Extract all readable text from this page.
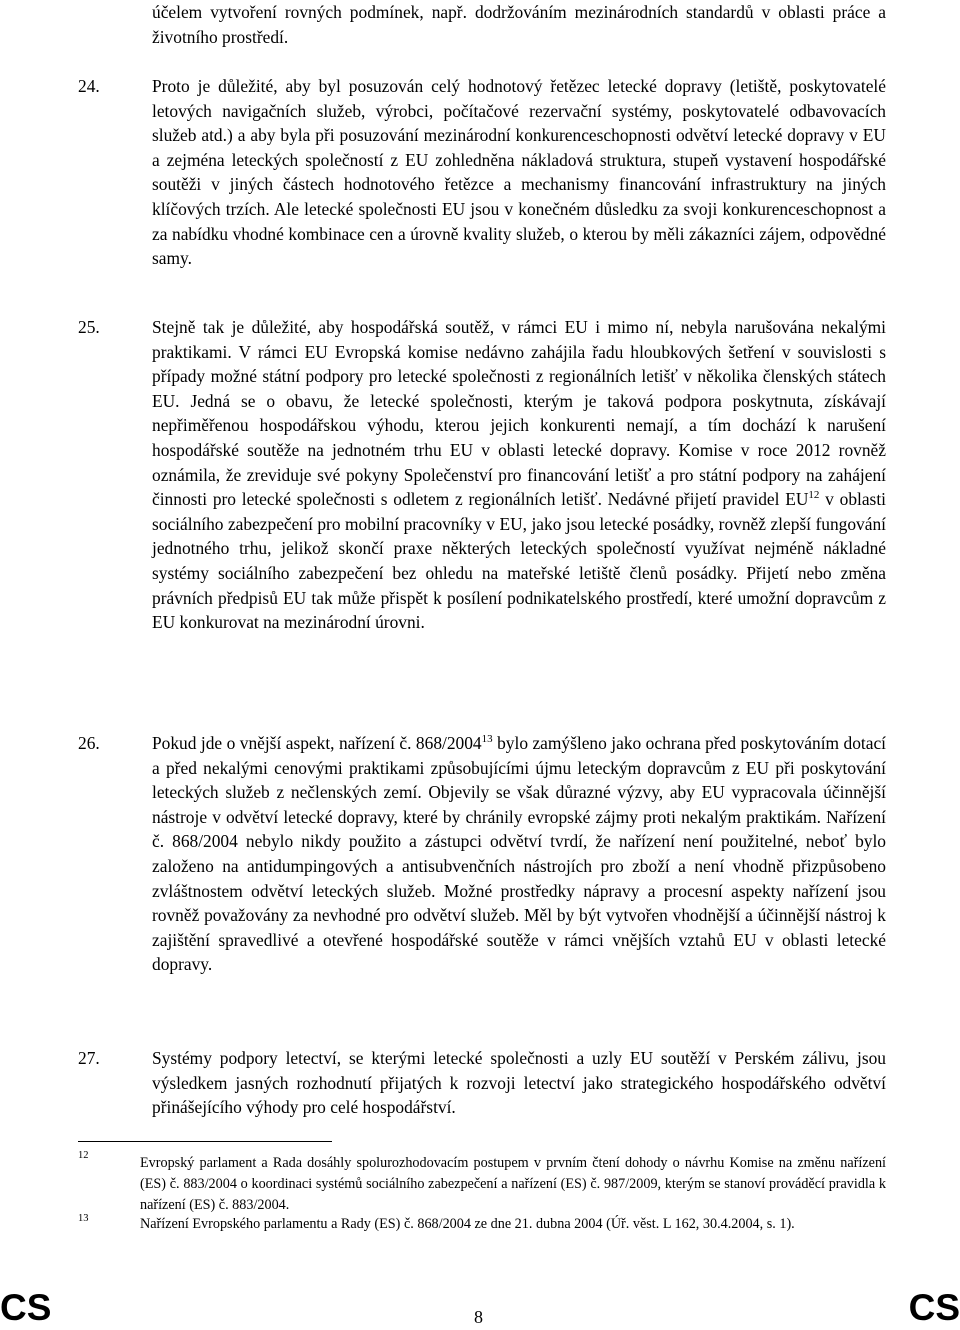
účelem vytvoření rovných podmínek, např. dodržováním mezinárodních standardů v oblasti práce a životního prostředí.

24.	Proto je důležité, aby byl posuzován celý hodnotový řetězec letecké dopravy (letiště, poskytovatelé letových navigačních služeb, výrobci, počítačové rezervační systémy, poskytovatelé odbavovacích služeb atd.) a aby byla při posuzování mezinárodní konkurenceschopnosti odvětví letecké dopravy v EU a zejména leteckých společností z EU zohledněna nákladová struktura, stupeň vystavení hospodářské soutěži v jiných částech hodnotového řetězce a mechanismy financování infrastruktury na jiných klíčových trzích. Ale letecké společnosti EU jsou v konečném důsledku za svoji konkurenceschopnost a za nabídku vhodné kombinace cen a úrovně kvality služeb, o kterou by měli zákazníci zájem, odpovědné samy.

25.	Stejně tak je důležité, aby hospodářská soutěž, v rámci EU i mimo ní, nebyla narušována nekalými praktikami. V rámci EU Evropská komise nedávno zahájila řadu hloubkových šetření v souvislosti s případy možné státní podpory pro letecké společnosti z regionálních letišť v několika členských státech EU. Jedná se o obavu, že letecké společnosti, kterým je taková podpora poskytnuta, získávají nepřiměřenou hospodářskou výhodu, kterou jejich konkurenti nemají, a tím dochází k narušení hospodářské soutěže na jednotném trhu EU v oblasti letecké dopravy. Komise v roce 2012 rovněž oznámila, že zreviduje své pokyny Společenství pro financování letišť a pro státní podpory na zahájení činnosti pro letecké společnosti s odletem z regionálních letišť. Nedávné přijetí pravidel EU$^{12}$ v oblasti sociálního zabezpečení pro mobilní pracovníky v EU, jako jsou letecké posádky, rovněž zlepší fungování jednotného trhu, jelikož skončí praxe některých leteckých společností využívat nejméně nákladné systémy sociálního zabezpečení bez ohledu na mateřské letiště členů posádky. Přijetí nebo změna právních předpisů EU tak může přispět k posílení podnikatelského prostředí, které umožní dopravcům z EU konkurovat na mezinárodní úrovni.

26.	Pokud jde o vnější aspekt, nařízení č. 868/2004$^{13}$ bylo zamýšleno jako ochrana před poskytováním dotací a před nekalými cenovými praktikami způsobujícími újmu leteckým dopravcům z EU při poskytování leteckých služeb z nečlenských zemí. Objevily se však důrazné výzvy, aby EU vypracovala účinnější nástroje v odvětví letecké dopravy, které by chránily evropské zájmy proti nekalým praktikám. Nařízení č. 868/2004 nebylo nikdy použito a zástupci odvětví tvrdí, že nařízení není použitelné, neboť bylo založeno na antidumpingových a antisubvenčních nástrojích pro zboží a není vhodně přizpůsobeno zvláštnostem odvětví leteckých služeb. Možné prostředky nápravy a procesní aspekty nařízení jsou rovněž považovány za nevhodné pro odvětví služeb. Měl by být vytvořen vhodnější a účinnější nástroj k zajištění spravedlivé a otevřené hospodářské soutěže v rámci vnějších vztahů EU v oblasti letecké dopravy.

27.	Systémy podpory letectví, se kterými letecké společnosti a uzly EU soutěží v Perském zálivu, jsou výsledkem jasných rozhodnutí přijatých k rozvoji letectví jako strategického hospodářského odvětví přinášejícího výhody pro celé hospodářství.

12	Evropský parlament a Rada dosáhly spolurozhodovacím postupem v prvním čtení dohody o návrhu Komise na změnu nařízení (ES) č. 883/2004 o koordinaci systémů sociálního zabezpečení a nařízení (ES) č. 987/2009, kterým se stanoví prováděcí pravidla k nařízení (ES) č. 883/2004.

13	Nařízení Evropského parlamentu a Rady (ES) č. 868/2004 ze dne 21. dubna 2004 (Úř. věst. L 162, 30.4.2004, s. 1).

CS	8	CS
